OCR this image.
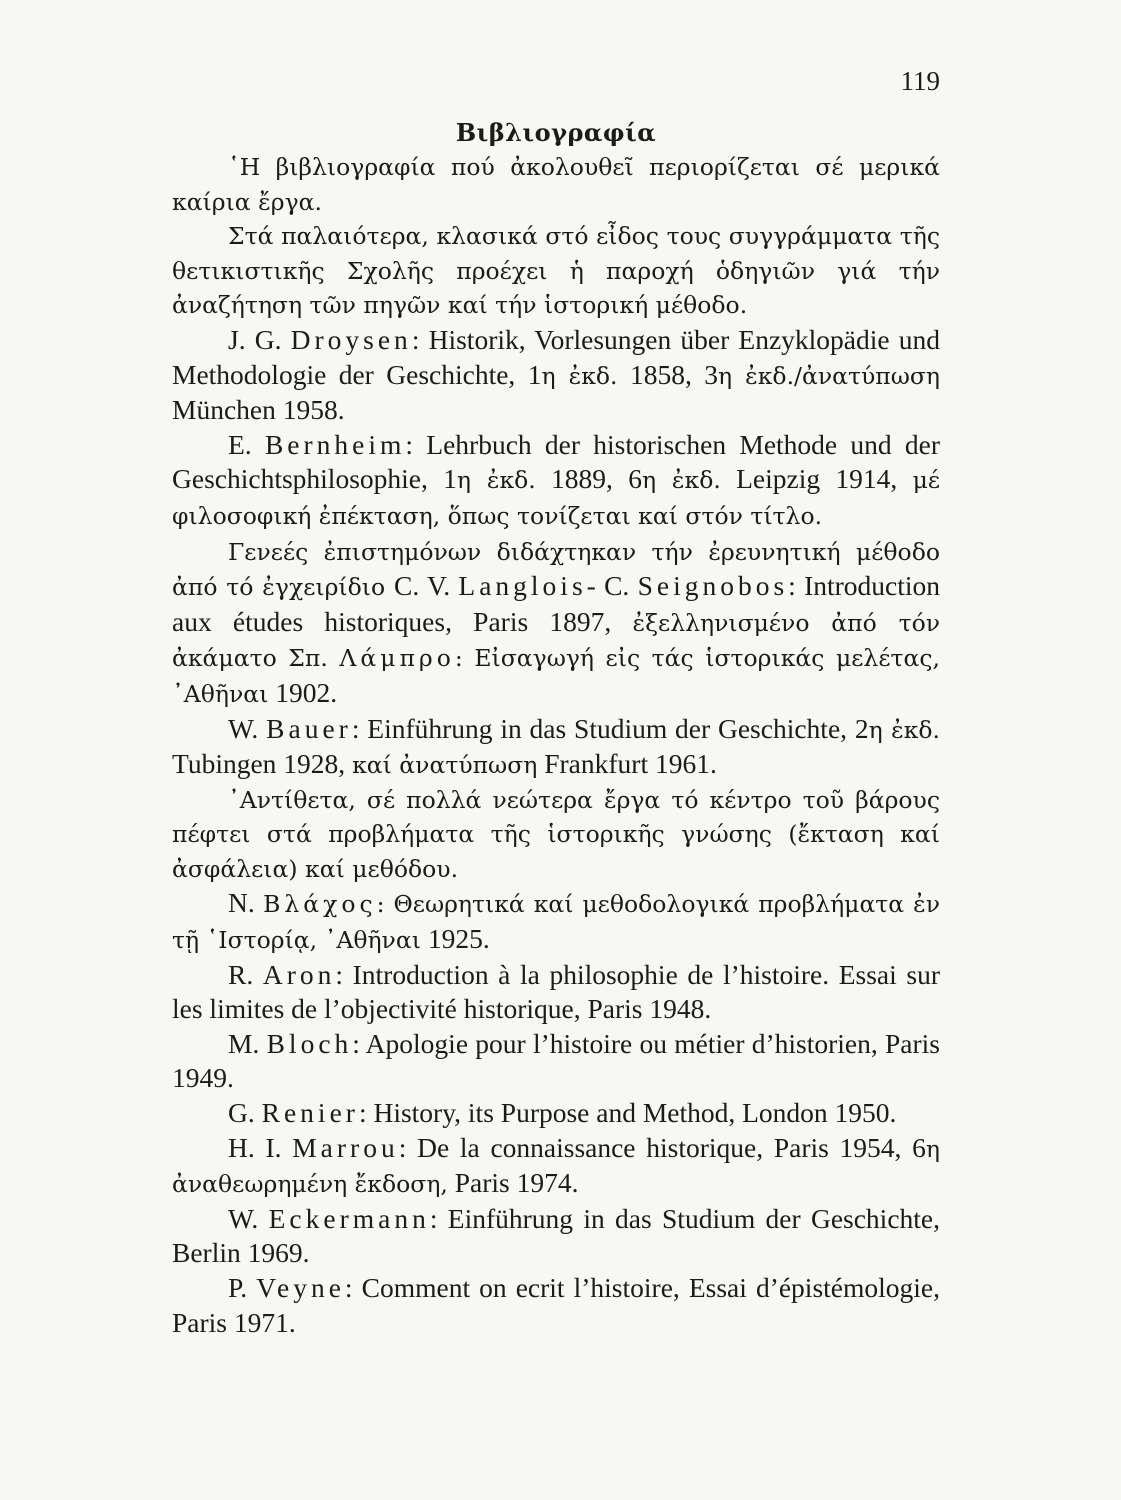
119
Βιβλιογραφία

῾Η βιβλιογραφία πού ἀκολουθεῖ περιορίζεται σέ μερικά καίρια ἔργα.

Στά παλαιότερα, κλασικά στό εἶδος τους συγγράμματα τῆς θετικιστικῆς Σχολῆς προέχει ἡ παροχή ὁδηγιῶν γιά τήν ἀναζήτηση τῶν πηγῶν καί τήν ἱστορική μέθοδο.

J. G. Droysen: Historik, Vorlesungen über Enzyklopädie und Methodologie der Geschichte, 1η ἐκδ. 1858, 3η ἐκδ./ἀνατύπωση München 1958.

E. Bernheim: Lehrbuch der historischen Methode und der Geschichtsphilosophie, 1η ἐκδ. 1889, 6η ἐκδ. Leipzig 1914, μέ φιλοσοφική ἐπέκταση, ὅπως τονίζεται καί στόν τίτλο.

Γενεές ἐπιστημόνων διδάχτηκαν τήν ἐρευνητική μέθοδο ἀπό τό ἐγχειρίδιο C. V. Langlois- C. Seignobos: Introduction aux études historiques, Paris 1897, ἐξελληνισμένο ἀπό τόν ἀκάματο Σπ. Λάμπρο: Εἰσαγωγή εἰς τάς ἱστορικάς μελέτας, ᾿Αθῆναι 1902.

W. Bauer: Einführung in das Studium der Geschichte, 2η ἐκδ. Tubingen 1928, καί ἀνατύπωση Frankfurt 1961.

᾿Αντίθετα, σέ πολλά νεώτερα ἔργα τό κέντρο τοῦ βάρους πέφτει στά προβλήματα τῆς ἱστορικῆς γνώσης (ἔκταση καί ἀσφάλεια) καί μεθόδου.

N. Βλάχος: Θεωρητικά καί μεθοδολογικά προβλήματα ἐν τῇ ῾Ιστορίᾳ, ᾿Αθῆναι 1925.

R. Aron: Introduction à la philosophie de l’histoire. Essai sur les limites de l’objectivité historique, Paris 1948.

M. Bloch: Apologie pour l’histoire ou métier d’historien, Paris 1949.

G. Renier: History, its Purpose and Method, London 1950.

H. I. Marrou: De la connaissance historique, Paris 1954, 6η ἀναθεωρημένη ἔκδοση, Paris 1974.

W. Eckermann: Einführung in das Studium der Geschichte, Berlin 1969.

P. Veyne: Comment on ecrit l’histoire, Essai d’épistémologie, Paris 1971.
